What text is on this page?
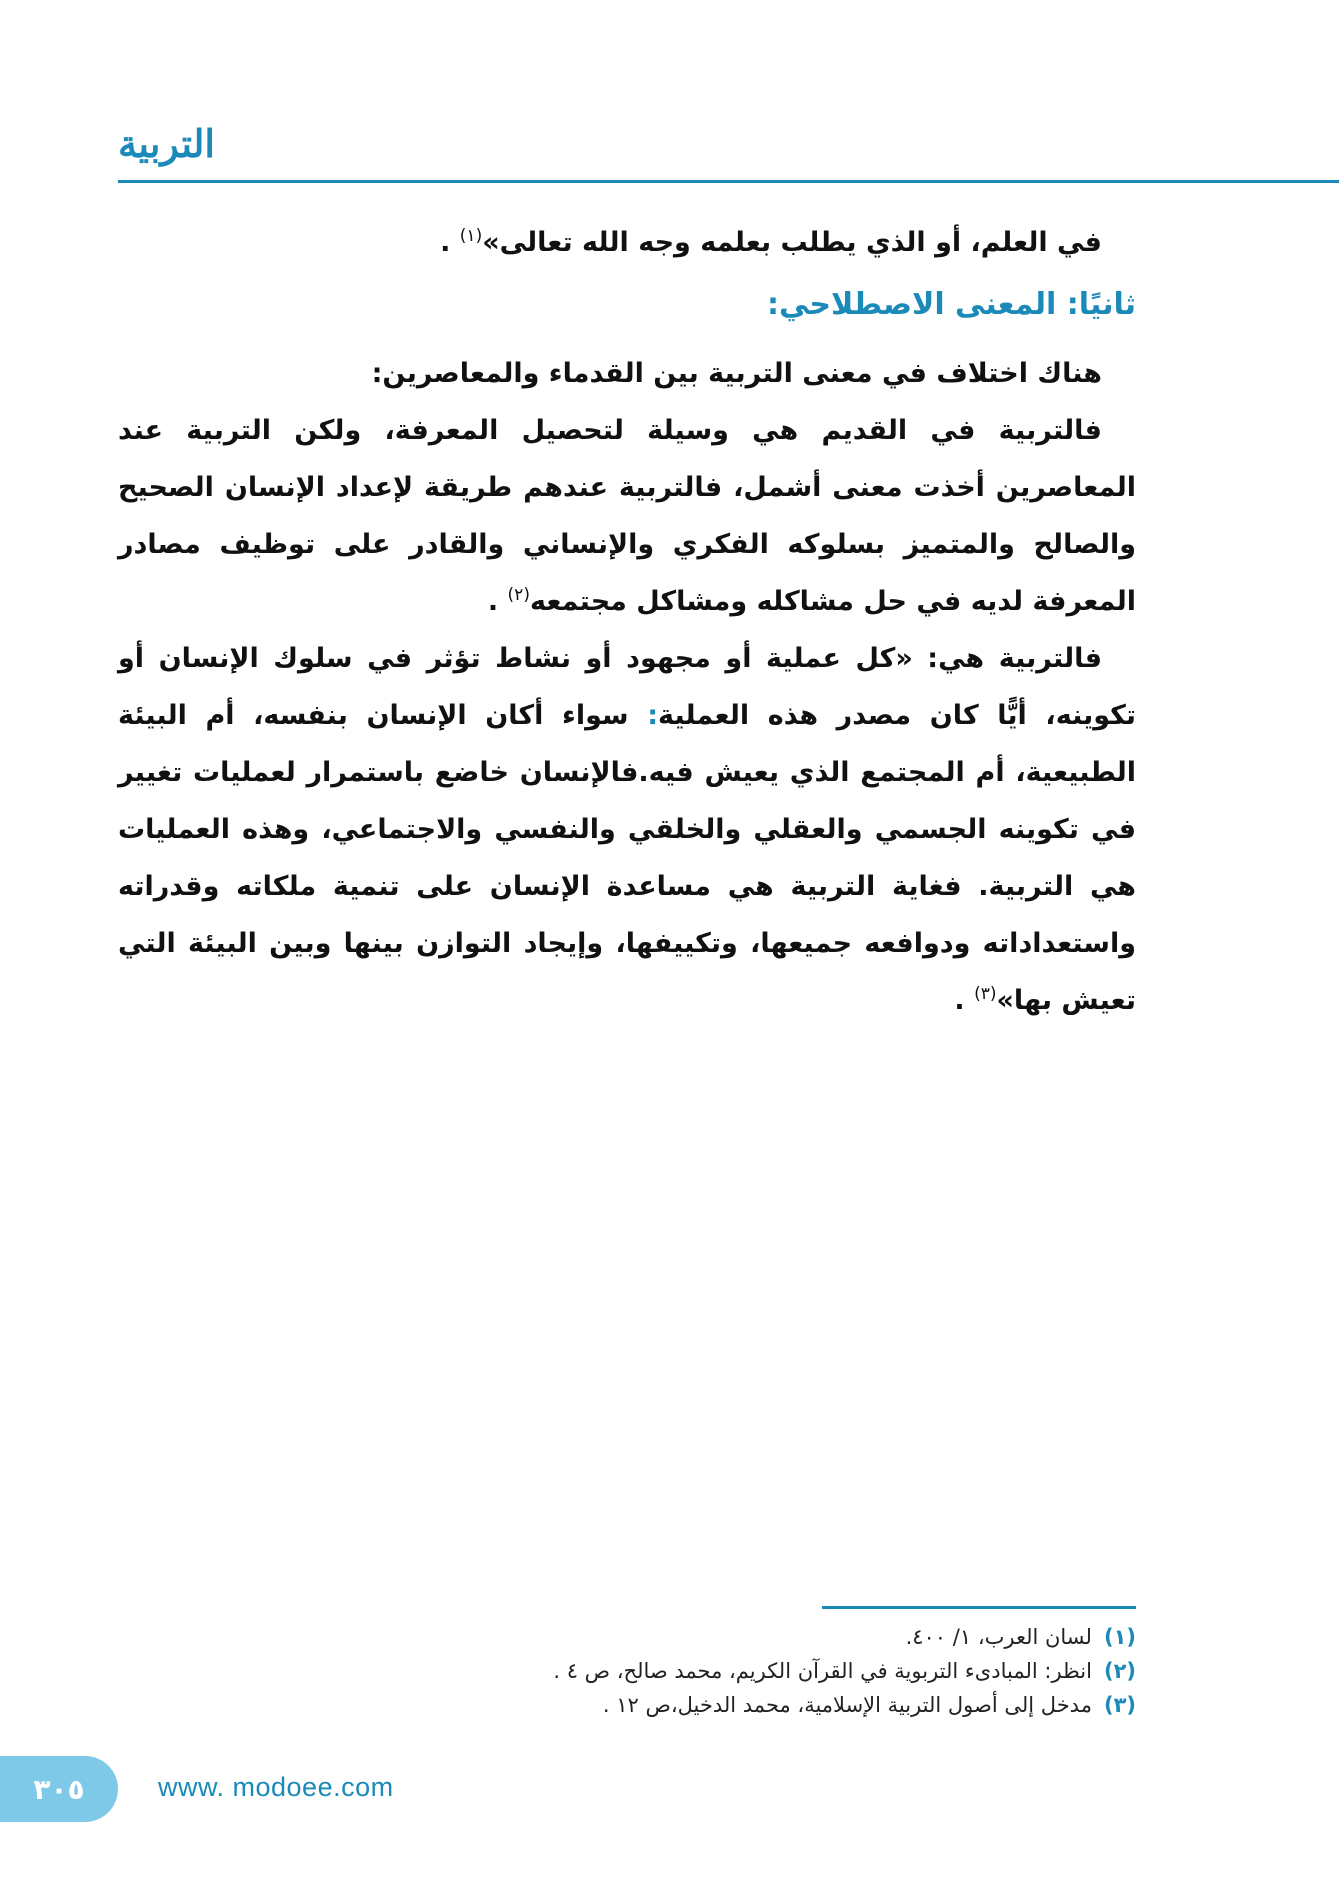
التربية

في العلم، أو الذي يطلب بعلمه وجه الله تعالى»$^{(١)}$ .

ثانيًا: المعنى الاصطلاحي:

هناك اختلاف في معنى التربية بين القدماء والمعاصرين:

فالتربية في القديم هي وسيلة لتحصيل المعرفة، ولكن التربية عند المعاصرين أخذت معنى أشمل، فالتربية عندهم طريقة لإعداد الإنسان الصحيح والصالح والمتميز بسلوكه الفكري والإنساني والقادر على توظيف مصادر المعرفة لديه في حل مشاكله ومشاكل مجتمعه$^{(٢)}$ .

فالتربية هي: «كل عملية أو مجهود أو نشاط تؤثر في سلوك الإنسان أو تكوينه، أيًّا كان مصدر هذه العملية: سواء أكان الإنسان بنفسه، أم البيئة الطبيعية، أم المجتمع الذي يعيش فيه.فالإنسان خاضع باستمرار لعمليات تغيير في تكوينه الجسمي والعقلي والخلقي والنفسي والاجتماعي، وهذه العمليات هي التربية. فغاية التربية هي مساعدة الإنسان على تنمية ملكاته وقدراته واستعداداته ودوافعه جميعها، وتكييفها، وإيجاد التوازن بينها وبين البيئة التي تعيش بها»$^{(٣)}$ .

(١)
لسان العرب، ١/ ٤٠٠.
(٢)
انظر: المبادىء التربوية في القرآن الكريم، محمد صالح، ص ٤ .
(٣)
مدخل إلى أصول التربية الإسلامية، محمد الدخيل،ص ١٢ .
٣٠٥	www. modoee.com
